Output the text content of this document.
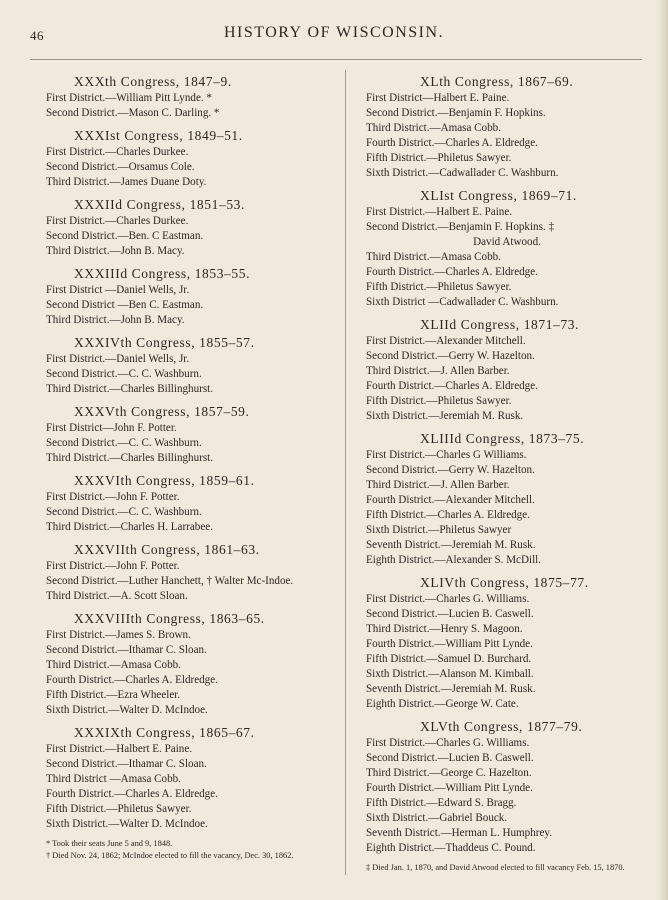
46	HISTORY OF WISCONSIN.
XXXth Congress, 1847–9.
First District.—William Pitt Lynde. *
Second District.—Mason C. Darling. *
XXXIst Congress, 1849–51.
First District.—Charles Durkee.
Second District.—Orsamus Cole.
Third District.—James Duane Doty.
XXXIId Congress, 1851–53.
First District.—Charles Durkee.
Second District.—Ben. C Eastman.
Third District.—John B. Macy.
XXXIIId Congress, 1853–55.
First District —Daniel Wells, Jr.
Second District —Ben C. Eastman.
Third District.—John B. Macy.
XXXIVth Congress, 1855–57.
First District.—Daniel Wells, Jr.
Second District.—C. C. Washburn.
Third District.—Charles Billinghurst.
XXXVth Congress, 1857–59.
First District—John F. Potter.
Second District.—C. C. Washburn.
Third District.—Charles Billinghurst.
XXXVIth Congress, 1859–61.
First District.—John F. Potter.
Second District.—C. C. Washburn.
Third District.—Charles H. Larrabee.
XXXVIIth Congress, 1861–63.
First District.—John F. Potter.
Second District.—Luther Hanchett, † Walter Mc-Indoe.
Third District.—A. Scott Sloan.
XXXVIIIth Congress, 1863–65.
First District.—James S. Brown.
Second District.—Ithamar C. Sloan.
Third District.—Amasa Cobb.
Fourth District.—Charles A. Eldredge.
Fifth District.—Ezra Wheeler.
Sixth District.—Walter D. McIndoe.
XXXIXth Congress, 1865–67.
First District.—Halbert E. Paine.
Second District.—Ithamar C. Sloan.
Third District —Amasa Cobb.
Fourth District.—Charles A. Eldredge.
Fifth District.—Philetus Sawyer.
Sixth District.—Walter D. McIndoe.
* Took their seats June 5 and 9, 1848.
† Died Nov. 24, 1862; McIndoe elected to fill the vacancy, Dec. 30, 1862.
XLth Congress, 1867–69.
First District—Halbert E. Paine.
Second District.—Benjamin F. Hopkins.
Third District.—Amasa Cobb.
Fourth District.—Charles A. Eldredge.
Fifth District.—Philetus Sawyer.
Sixth District.—Cadwallader C. Washburn.
XLIst Congress, 1869–71.
First District.—Halbert E. Paine.
Second District.—Benjamin F. Hopkins. ‡
David Atwood.
Third District.—Amasa Cobb.
Fourth District.—Charles A. Eldredge.
Fifth District.—Philetus Sawyer.
Sixth District —Cadwallader C. Washburn.
XLIId Congress, 1871–73.
First District.—Alexander Mitchell.
Second District.—Gerry W. Hazelton.
Third District.—J. Allen Barber.
Fourth District.—Charles A. Eldredge.
Fifth District.—Philetus Sawyer.
Sixth District.—Jeremiah M. Rusk.
XLIIId Congress, 1873–75.
First District.—Charles G Williams.
Second District.—Gerry W. Hazelton.
Third District.—J. Allen Barber.
Fourth District.—Alexander Mitchell.
Fifth District.—Charles A. Eldredge.
Sixth District.—Philetus Sawyer
Seventh District.—Jeremiah M. Rusk.
Eighth District.—Alexander S. McDill.
XLIVth Congress, 1875–77.
First District.—Charles G. Williams.
Second District.—Lucien B. Caswell.
Third District.—Henry S. Magoon.
Fourth District.—William Pitt Lynde.
Fifth District.—Samuel D. Burchard.
Sixth District.—Alanson M. Kimball.
Seventh District.—Jeremiah M. Rusk.
Eighth District.—George W. Cate.
XLVth Congress, 1877–79.
First District.—Charles G. Williams.
Second District.—Lucien B. Caswell.
Third District.—George C. Hazelton.
Fourth District.—William Pitt Lynde.
Fifth District.—Edward S. Bragg.
Sixth District.—Gabriel Bouck.
Seventh District.—Herman L. Humphrey.
Eighth District.—Thaddeus C. Pound.
‡ Died Jan. 1, 1870, and David Atwood elected to fill vacancy Feb. 15, 1870.
